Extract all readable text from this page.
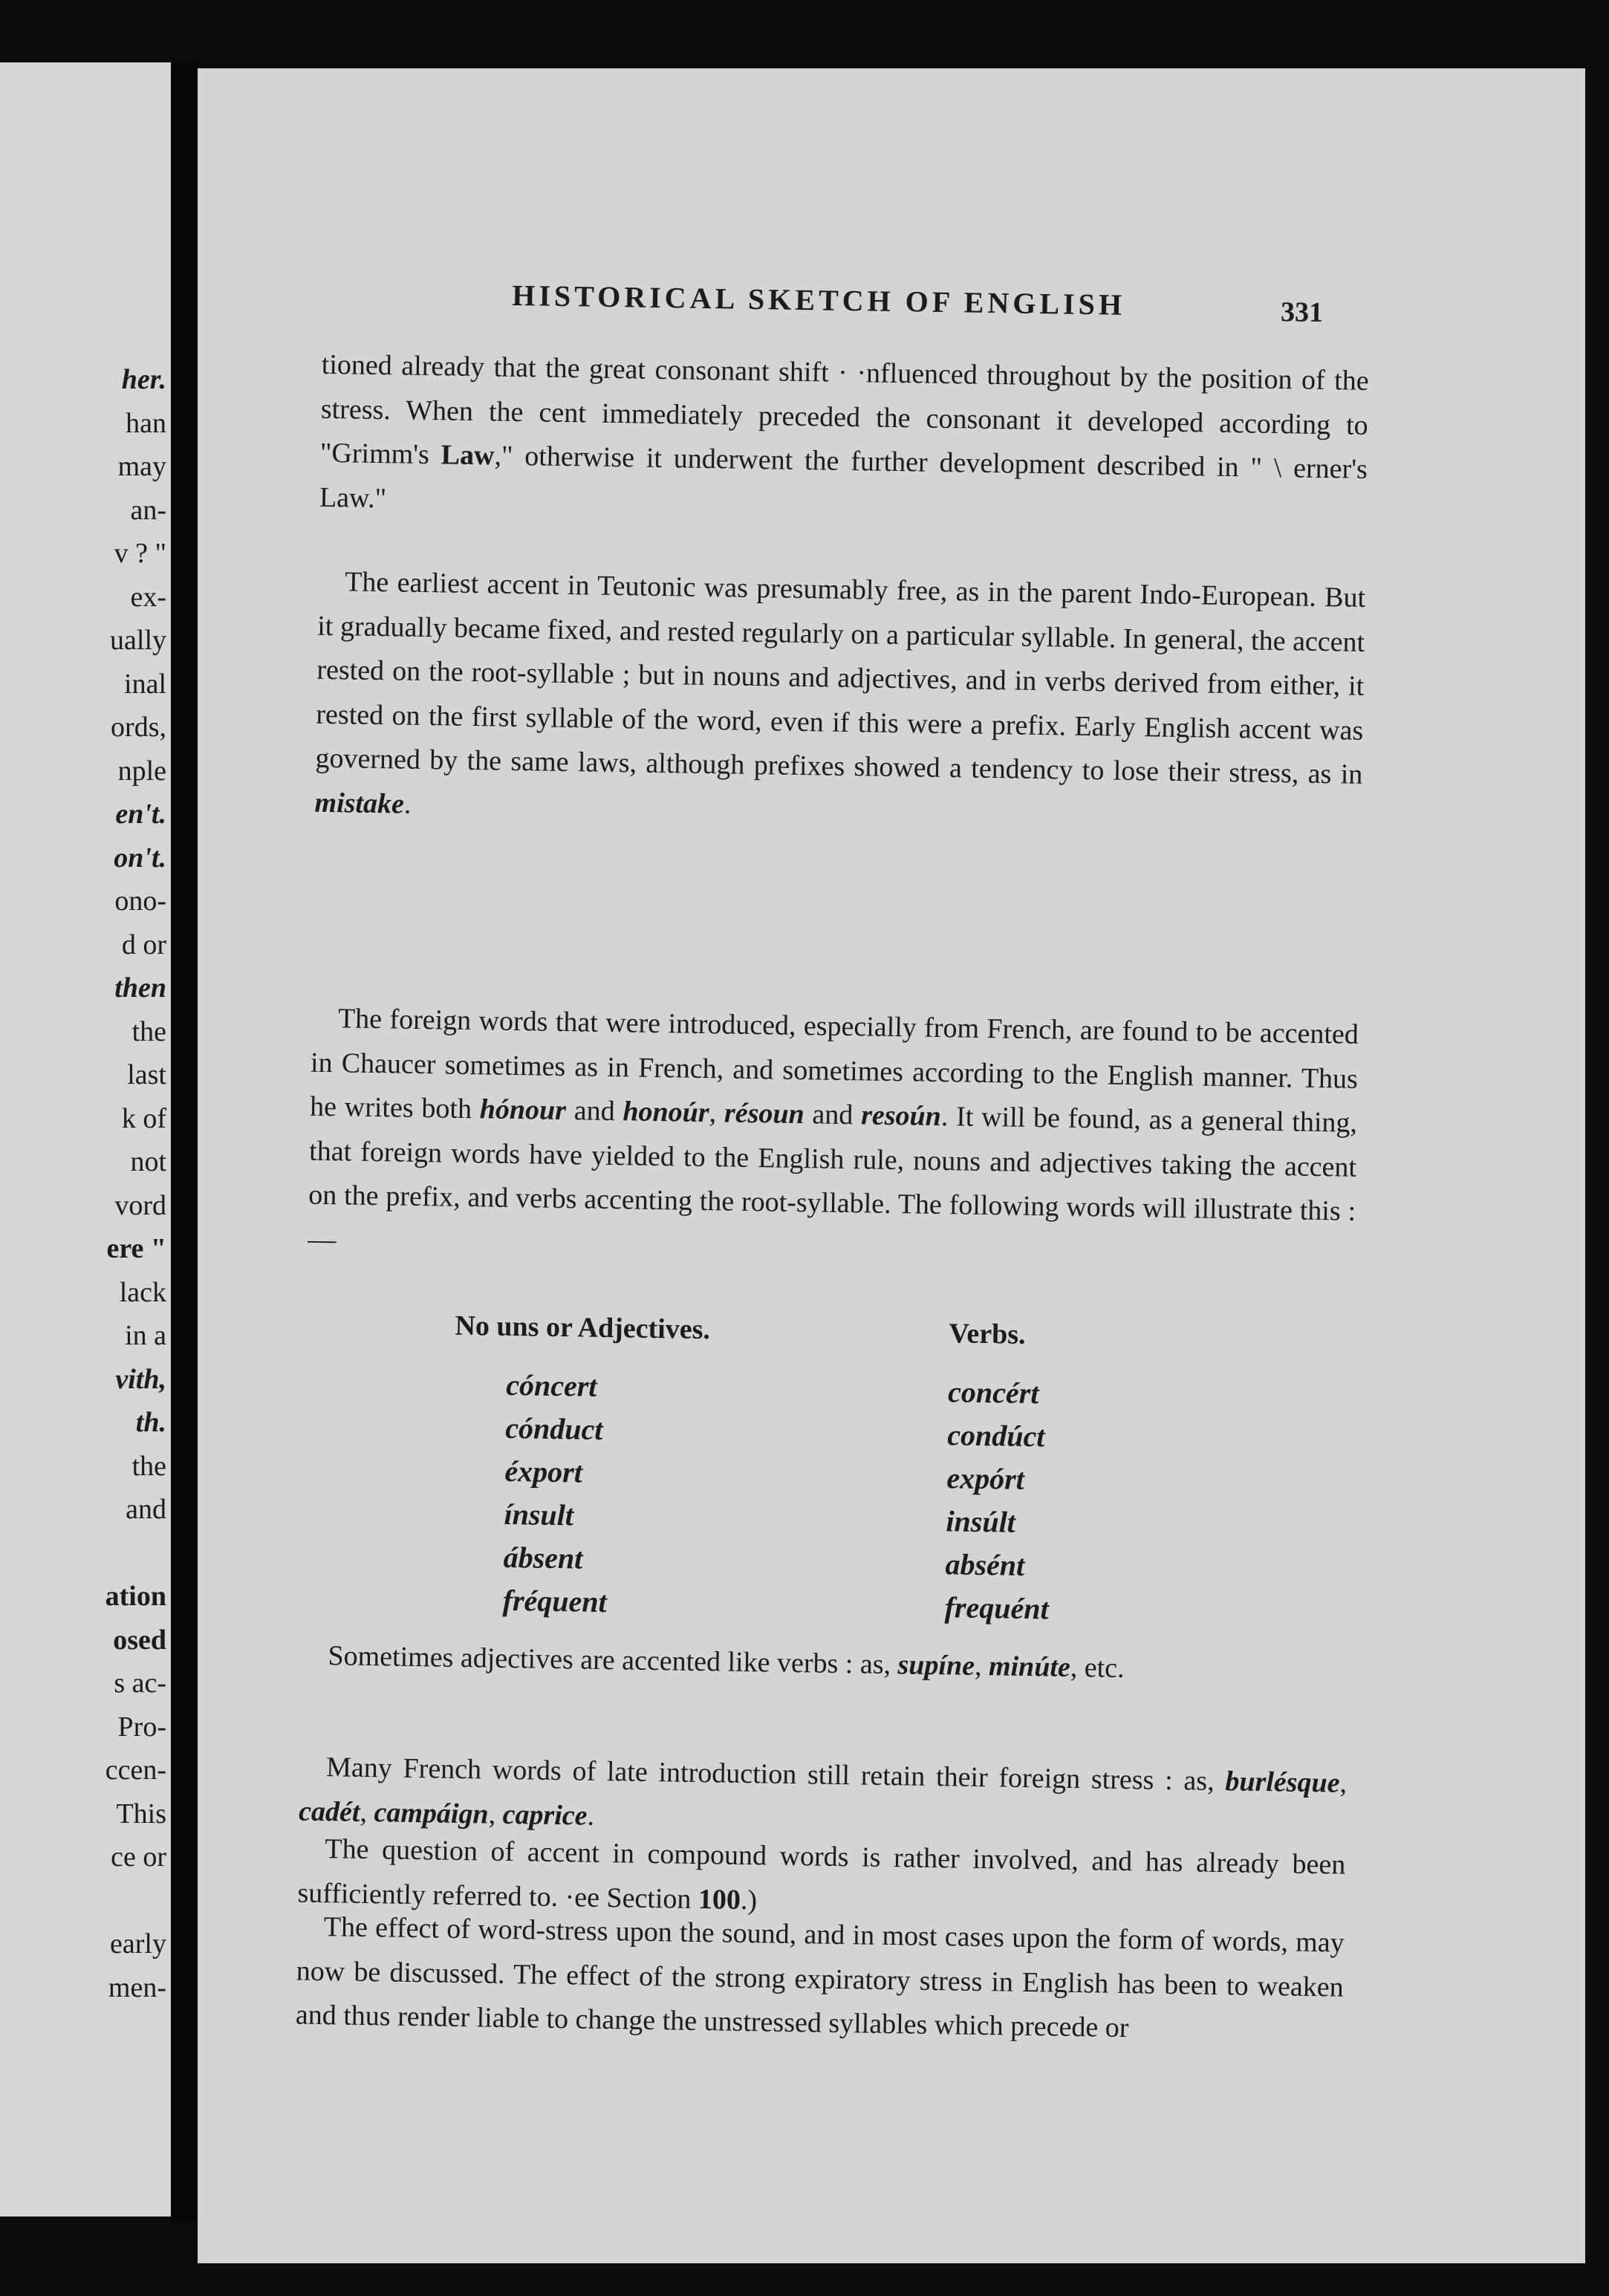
her.
han
may
an-
v ? "
ex-
ually
inal
ords,
nple
en't.
on't.
ono-
d or
then
the
last
k of
not
vord
ere "
lack
in a
vith,
th.
the
and

ation
osed
s ac-
Pro-
ccen-
This
ce or

early
men-
HISTORICAL SKETCH OF ENGLISH	331
tioned already that the great consonant shift · ·nfluenced throughout by the position of the stress. When the cent immediately preceded the consonant it developed according to "Grimm's Law," otherwise it underwent the further development described in " \ erner's Law."
The earliest accent in Teutonic was presumably free, as in the parent Indo-European. But it gradually became fixed, and rested regularly on a particular syllable. In general, the accent rested on the root-syllable ; but in nouns and adjectives, and in verbs derived from either, it rested on the first syllable of the word, even if this were a prefix. Early English accent was governed by the same laws, although prefixes showed a tendency to lose their stress, as in mistake.
The foreign words that were introduced, especially from French, are found to be accented in Chaucer sometimes as in French, and sometimes according to the English manner. Thus he writes both hónour and honoúr, résoun and resoún. It will be found, as a general thing, that foreign words have yielded to the English rule, nouns and adjectives taking the accent on the prefix, and verbs accenting the root-syllable. The following words will illustrate this :—
No uns or Adjectives.	Verbs.
cóncert
cónduct
éxport
ínsult
ábsent
fréquent
concért
condúct
expórt
insúlt
absént
frequént
Sometimes adjectives are accented like verbs : as, supíne, minúte, etc.
Many French words of late introduction still retain their foreign stress : as, burlésque, cadét, campáign, caprice.
The question of accent in compound words is rather involved, and has already been sufficiently referred to. ·ee Section 100.)
The effect of word-stress upon the sound, and in most cases upon the form of words, may now be discussed. The effect of the strong expiratory stress in English has been to weaken and thus render liable to change the unstressed syllables which precede or
